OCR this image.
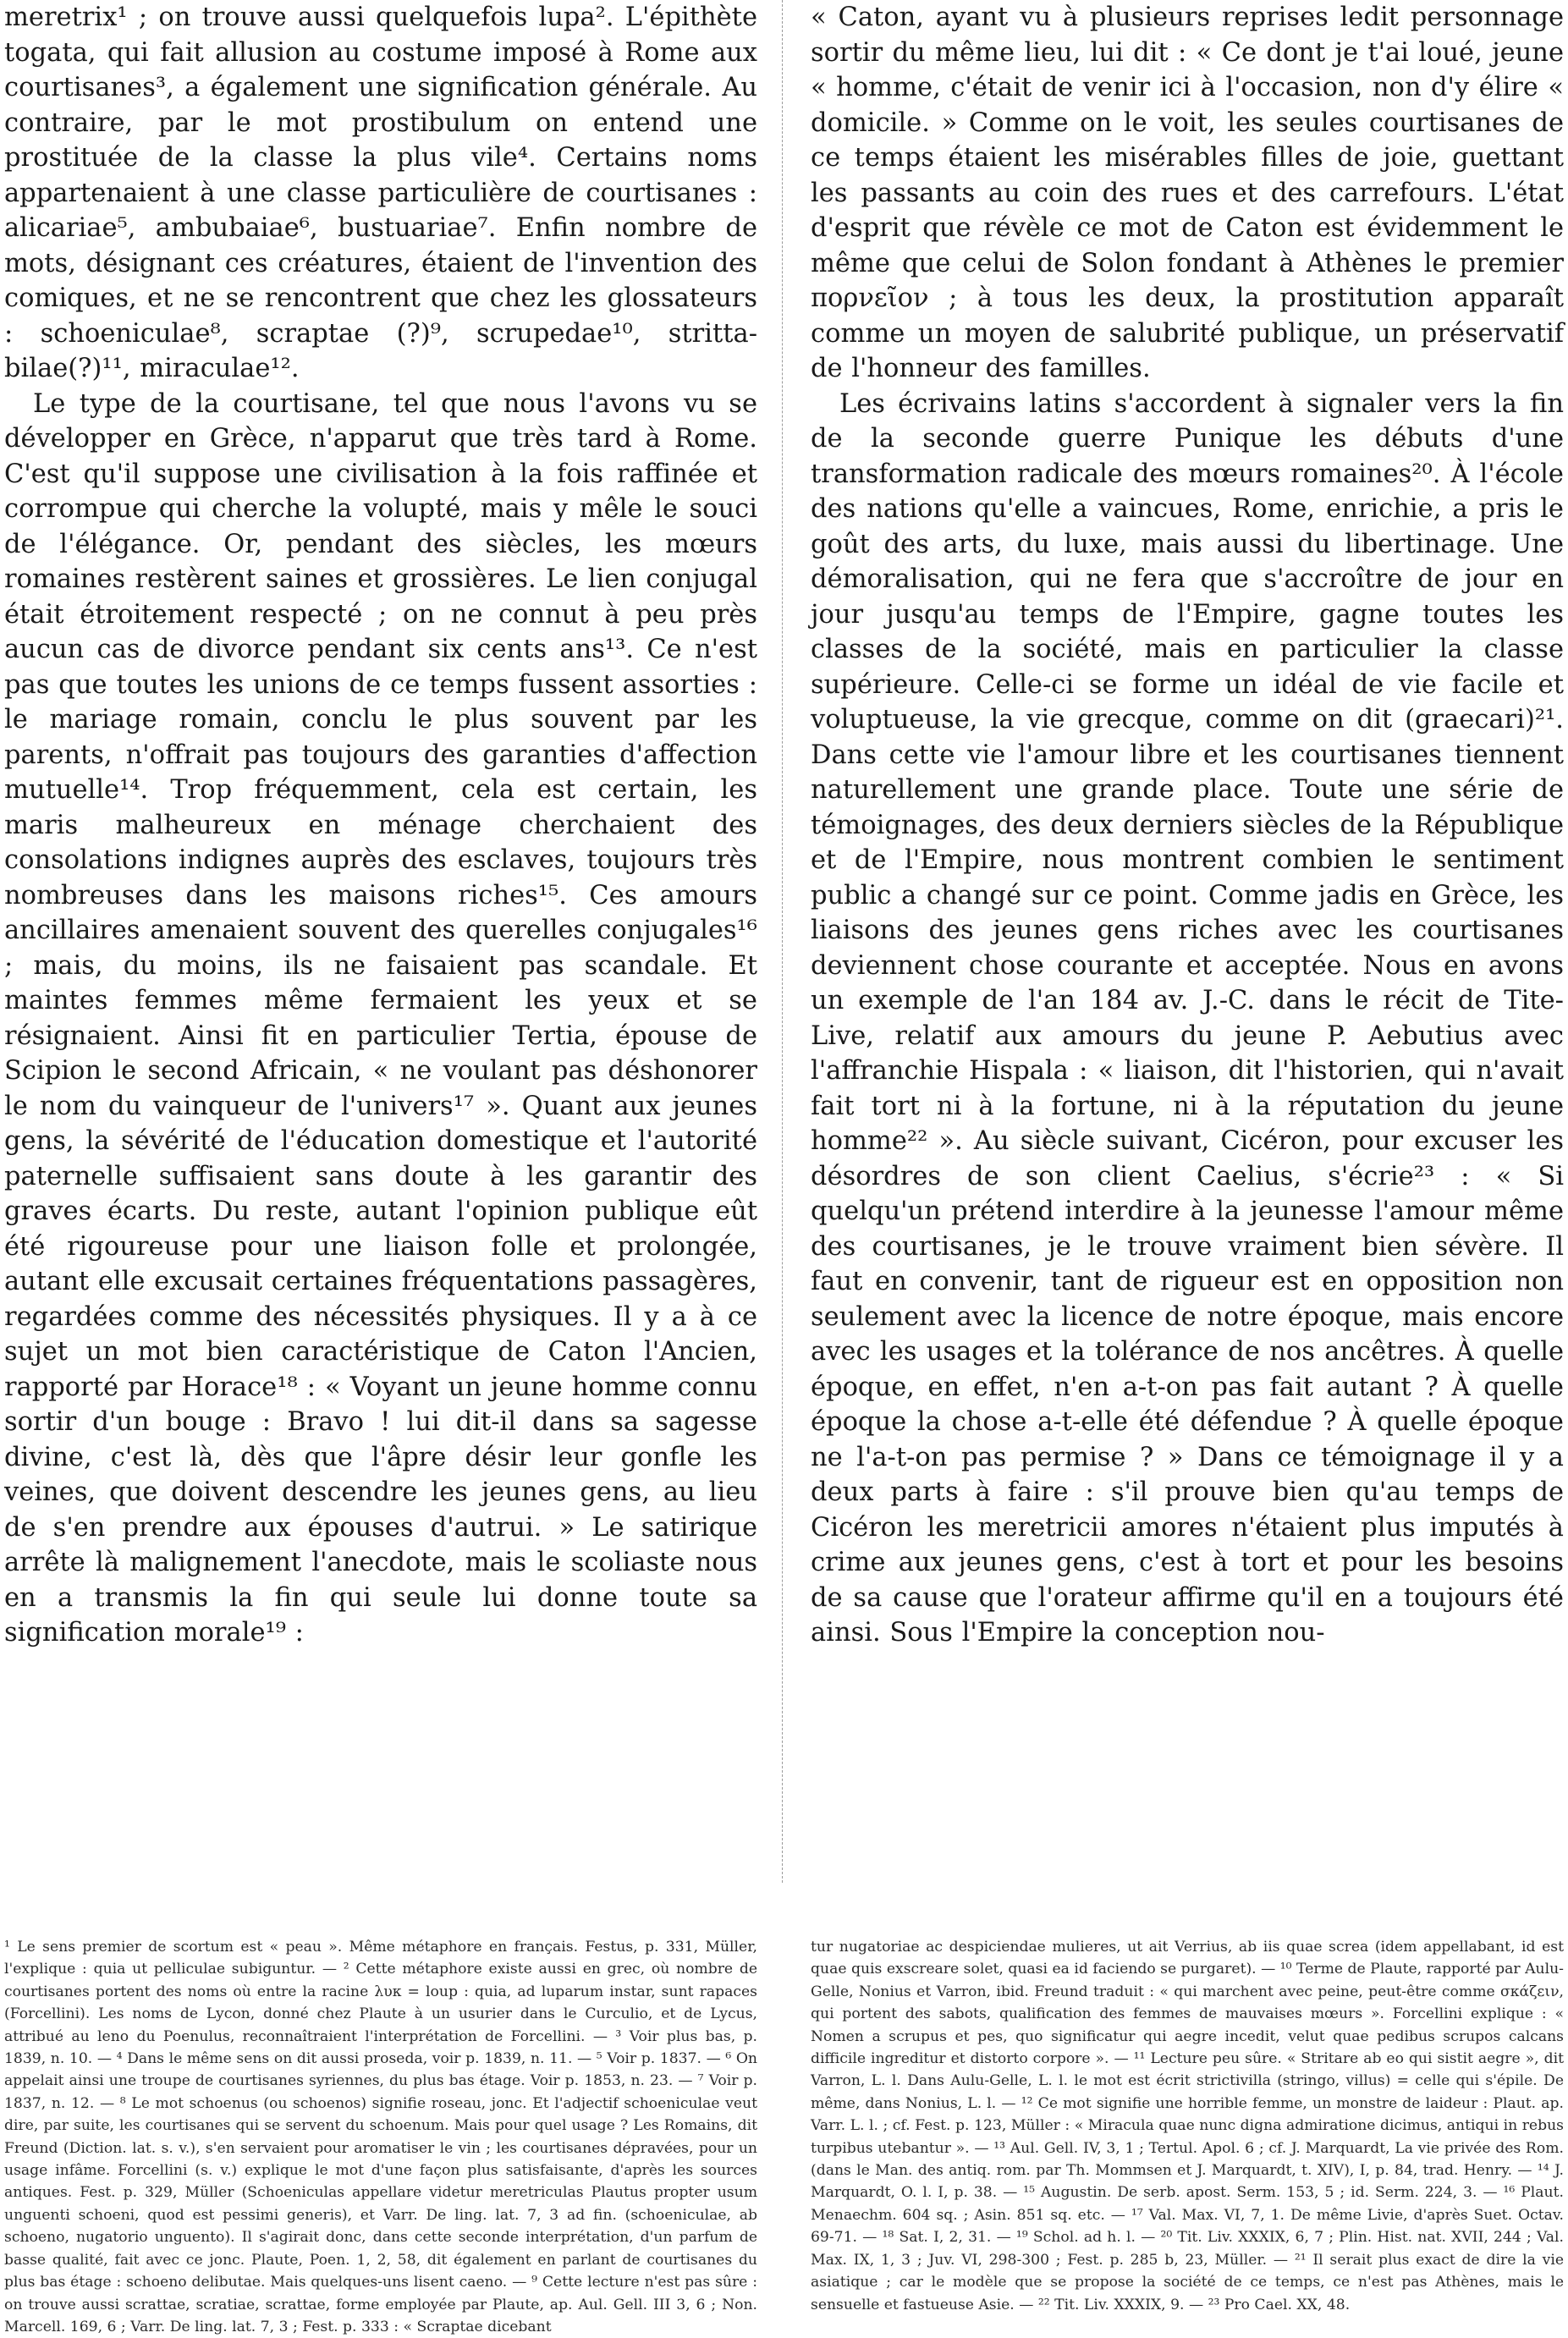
meretrix¹ ; on trouve aussi quelquefois lupa². L'épithète togata, qui fait allusion au costume imposé à Rome aux courtisanes³, a également une signification générale. Au contraire, par le mot prostibulum on entend une prostituée de la classe la plus vile⁴. Certains noms appartenaient à une classe particulière de courtisanes : alicariae⁵, ambubaiae⁶, bustuariae⁷. Enfin nombre de mots, désignant ces créatures, étaient de l'invention des comiques, et ne se rencontrent que chez les glossateurs : schoeniculae⁸, scraptae (?)⁹, scrupedae¹⁰, stritta-bilae(?)¹¹, miraculae¹².

Le type de la courtisane, tel que nous l'avons vu se développer en Grèce, n'apparut que très tard à Rome. C'est qu'il suppose une civilisation à la fois raffinée et corrompue qui cherche la volupté, mais y mêle le souci de l'élégance. Or, pendant des siècles, les mœurs romaines restèrent saines et grossières. Le lien conjugal était étroitement respecté ; on ne connut à peu près aucun cas de divorce pendant six cents ans¹³. Ce n'est pas que toutes les unions de ce temps fussent assorties : le mariage romain, conclu le plus souvent par les parents, n'offrait pas toujours des garanties d'affection mutuelle¹⁴. Trop fréquemment, cela est certain, les maris malheureux en ménage cherchaient des consolations indignes auprès des esclaves, toujours très nombreuses dans les maisons riches¹⁵. Ces amours ancillaires amenaient souvent des querelles conjugales¹⁶ ; mais, du moins, ils ne faisaient pas scandale. Et maintes femmes même fermaient les yeux et se résignaient. Ainsi fit en particulier Tertia, épouse de Scipion le second Africain, « ne voulant pas déshonorer le nom du vainqueur de l'univers¹⁷ ». Quant aux jeunes gens, la sévérité de l'éducation domestique et l'autorité paternelle suffisaient sans doute à les garantir des graves écarts. Du reste, autant l'opinion publique eût été rigoureuse pour une liaison folle et prolongée, autant elle excusait certaines fréquentations passagères, regardées comme des nécessités physiques. Il y a à ce sujet un mot bien caractéristique de Caton l'Ancien, rapporté par Horace¹⁸ : « Voyant un jeune homme connu sortir d'un bouge : Bravo ! lui dit-il dans sa sagesse divine, c'est là, dès que l'âpre désir leur gonfle les veines, que doivent descendre les jeunes gens, au lieu de s'en prendre aux épouses d'autrui. » Le satirique arrête là malignement l'anecdote, mais le scoliaste nous en a transmis la fin qui seule lui donne toute sa signification morale¹⁹ :

« Caton, ayant vu à plusieurs reprises ledit personnage sortir du même lieu, lui dit : « Ce dont je t'ai loué, jeune « homme, c'était de venir ici à l'occasion, non d'y élire « domicile. » Comme on le voit, les seules courtisanes de ce temps étaient les misérables filles de joie, guettant les passants au coin des rues et des carrefours. L'état d'esprit que révèle ce mot de Caton est évidemment le même que celui de Solon fondant à Athènes le premier πορνεῖον ; à tous les deux, la prostitution apparaît comme un moyen de salubrité publique, un préservatif de l'honneur des familles.

Les écrivains latins s'accordent à signaler vers la fin de la seconde guerre Punique les débuts d'une transformation radicale des mœurs romaines²⁰. À l'école des nations qu'elle a vaincues, Rome, enrichie, a pris le goût des arts, du luxe, mais aussi du libertinage. Une démoralisation, qui ne fera que s'accroître de jour en jour jusqu'au temps de l'Empire, gagne toutes les classes de la société, mais en particulier la classe supérieure. Celle-ci se forme un idéal de vie facile et voluptueuse, la vie grecque, comme on dit (graecari)²¹. Dans cette vie l'amour libre et les courtisanes tiennent naturellement une grande place. Toute une série de témoignages, des deux derniers siècles de la République et de l'Empire, nous montrent combien le sentiment public a changé sur ce point. Comme jadis en Grèce, les liaisons des jeunes gens riches avec les courtisanes deviennent chose courante et acceptée. Nous en avons un exemple de l'an 184 av. J.-C. dans le récit de Tite-Live, relatif aux amours du jeune P. Aebutius avec l'affranchie Hispala : « liaison, dit l'historien, qui n'avait fait tort ni à la fortune, ni à la réputation du jeune homme²² ». Au siècle suivant, Cicéron, pour excuser les désordres de son client Caelius, s'écrie²³ : « Si quelqu'un prétend interdire à la jeunesse l'amour même des courtisanes, je le trouve vraiment bien sévère. Il faut en convenir, tant de rigueur est en opposition non seulement avec la licence de notre époque, mais encore avec les usages et la tolérance de nos ancêtres. À quelle époque, en effet, n'en a-t-on pas fait autant ? À quelle époque la chose a-t-elle été défendue ? À quelle époque ne l'a-t-on pas permise ? » Dans ce témoignage il y a deux parts à faire : s'il prouve bien qu'au temps de Cicéron les meretricii amores n'étaient plus imputés à crime aux jeunes gens, c'est à tort et pour les besoins de sa cause que l'orateur affirme qu'il en a toujours été ainsi. Sous l'Empire la conception nou-

¹ Le sens premier de scortum est « peau ». Même métaphore en français. Festus, p. 331, Müller, l'explique : quia ut pelliculae subiguntur. — ² Cette métaphore existe aussi en grec, où nombre de courtisanes portent des noms où entre la racine λυκ = loup : quia, ad luparum instar, sunt rapaces (Forcellini). Les noms de Lycon, donné chez Plaute à un usurier dans le Curculio, et de Lycus, attribué au leno du Poenulus, reconnaîtraient l'interprétation de Forcellini. — ³ Voir plus bas, p. 1839, n. 10. — ⁴ Dans le même sens on dit aussi proseda, voir p. 1839, n. 11. — ⁵ Voir p. 1837. — ⁶ On appelait ainsi une troupe de courtisanes syriennes, du plus bas étage. Voir p. 1853, n. 23. — ⁷ Voir p. 1837, n. 12. — ⁸ Le mot schoenus (ou schoenos) signifie roseau, jonc. Et l'adjectif schoeniculae veut dire, par suite, les courtisanes qui se servent du schoenum. Mais pour quel usage ? Les Romains, dit Freund (Diction. lat. s. v.), s'en servaient pour aromatiser le vin ; les courtisanes dépravées, pour un usage infâme. Forcellini (s. v.) explique le mot d'une façon plus satisfaisante, d'après les sources antiques. Fest. p. 329, Müller (Schoeniculas appellare videtur meretriculas Plautus propter usum unguenti schoeni, quod est pessimi generis), et Varr. De ling. lat. 7, 3 ad fin. (schoeniculae, ab schoeno, nugatorio unguento). Il s'agirait donc, dans cette seconde interprétation, d'un parfum de basse qualité, fait avec ce jonc. Plaute, Poen. 1, 2, 58, dit également en parlant de courtisanes du plus bas étage : schoeno delibutae. Mais quelques-uns lisent caeno. — ⁹ Cette lecture n'est pas sûre : on trouve aussi scrattae, scratiae, scrattae, forme employée par Plaute, ap. Aul. Gell. III 3, 6 ; Non. Marcell. 169, 6 ; Varr. De ling. lat. 7, 3 ; Fest. p. 333 : « Scraptae dicebant

tur nugatoriae ac despiciendae mulieres, ut ait Verrius, ab iis quae screa (idem appellabant, id est quae quis exscreare solet, quasi ea id faciendo se purgaret). — ¹⁰ Terme de Plaute, rapporté par Aulu-Gelle, Nonius et Varron, ibid. Freund traduit : « qui marchent avec peine, peut-être comme σκάζειν, qui portent des sabots, qualification des femmes de mauvaises mœurs ». Forcellini explique : « Nomen a scrupus et pes, quo significatur qui aegre incedit, velut quae pedibus scrupos calcans difficile ingreditur et distorto corpore ». — ¹¹ Lecture peu sûre. « Stritare ab eo qui sistit aegre », dit Varron, L. l. Dans Aulu-Gelle, L. l. le mot est écrit strictivilla (stringo, villus) = celle qui s'épile. De même, dans Nonius, L. l. — ¹² Ce mot signifie une horrible femme, un monstre de laideur : Plaut. ap. Varr. L. l. ; cf. Fest. p. 123, Müller : « Miracula quae nunc digna admiratione dicimus, antiqui in rebus turpibus utebantur ». — ¹³ Aul. Gell. IV, 3, 1 ; Tertul. Apol. 6 ; cf. J. Marquardt, La vie privée des Rom. (dans le Man. des antiq. rom. par Th. Mommsen et J. Marquardt, t. XIV), I, p. 84, trad. Henry. — ¹⁴ J. Marquardt, O. l. I, p. 38. — ¹⁵ Augustin. De serb. apost. Serm. 153, 5 ; id. Serm. 224, 3. — ¹⁶ Plaut. Menaechm. 604 sq. ; Asin. 851 sq. etc. — ¹⁷ Val. Max. VI, 7, 1. De même Livie, d'après Suet. Octav. 69-71. — ¹⁸ Sat. I, 2, 31. — ¹⁹ Schol. ad h. l. — ²⁰ Tit. Liv. XXXIX, 6, 7 ; Plin. Hist. nat. XVII, 244 ; Val. Max. IX, 1, 3 ; Juv. VI, 298-300 ; Fest. p. 285 b, 23, Müller. — ²¹ Il serait plus exact de dire la vie asiatique ; car le modèle que se propose la société de ce temps, ce n'est pas Athènes, mais le sensuelle et fastueuse Asie. — ²² Tit. Liv. XXXIX, 9. — ²³ Pro Cael. XX, 48.
